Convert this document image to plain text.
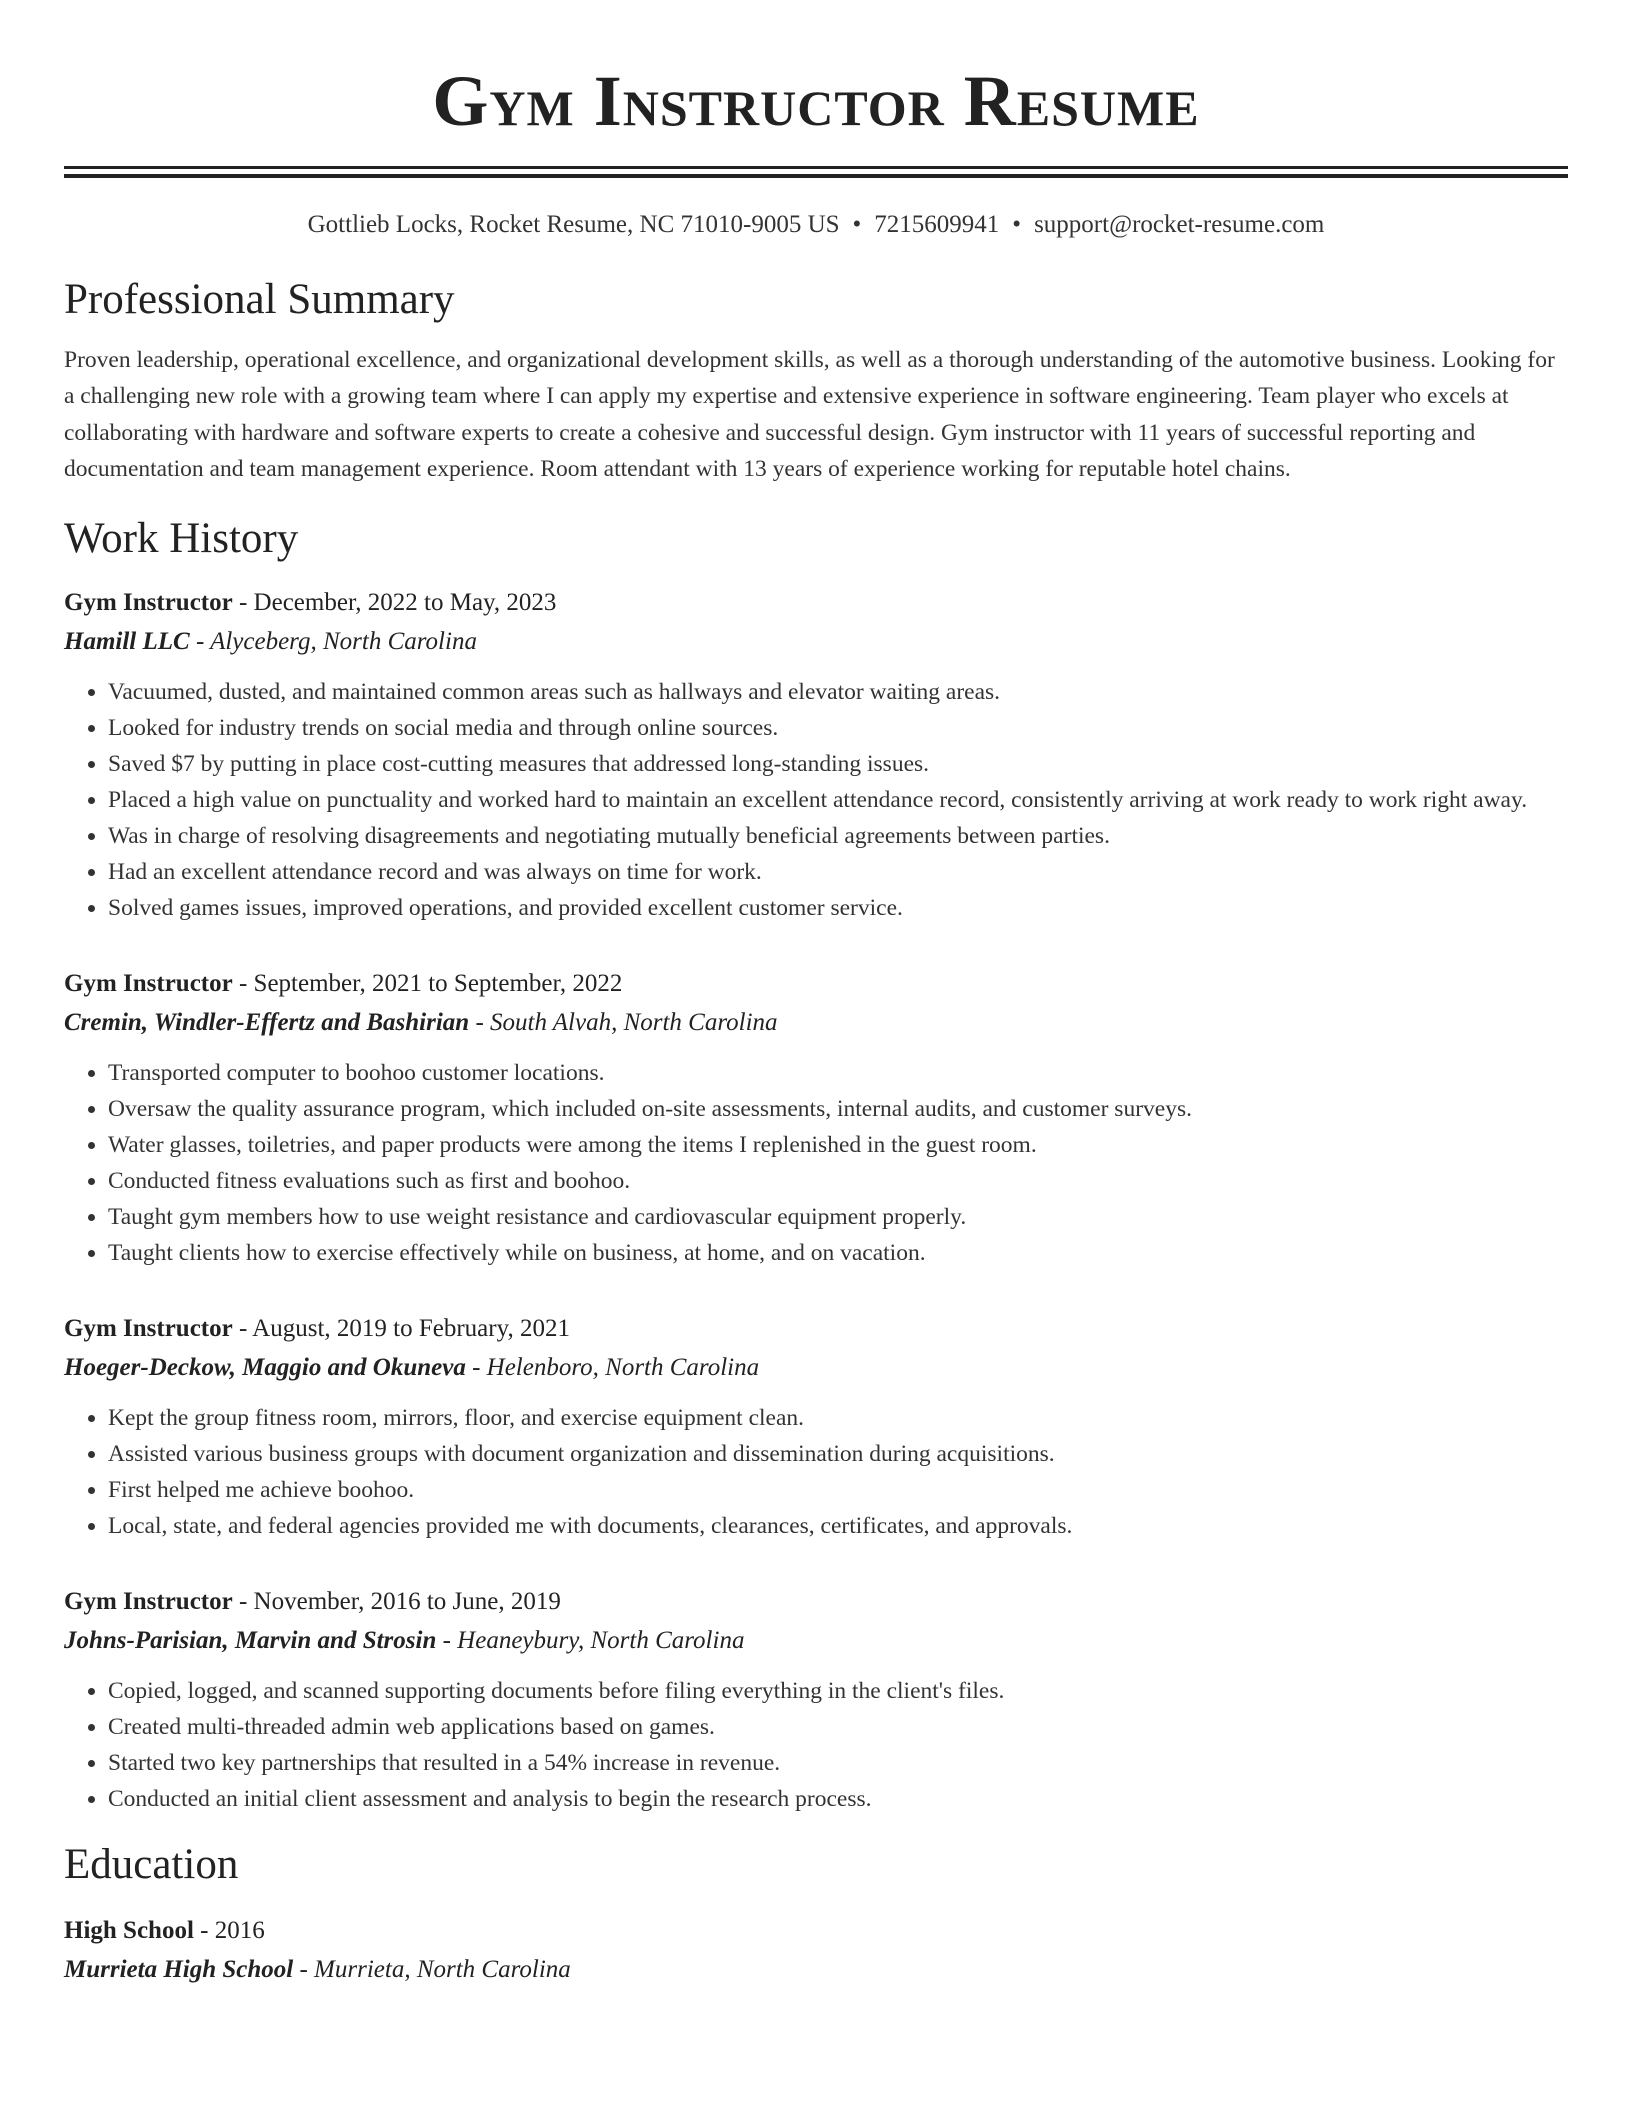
Gym Instructor Resume
Gottlieb Locks, Rocket Resume, NC 71010-9005 US • 7215609941 • support@rocket-resume.com
Professional Summary
Proven leadership, operational excellence, and organizational development skills, as well as a thorough understanding of the automotive business. Looking for a challenging new role with a growing team where I can apply my expertise and extensive experience in software engineering. Team player who excels at collaborating with hardware and software experts to create a cohesive and successful design. Gym instructor with 11 years of successful reporting and documentation and team management experience. Room attendant with 13 years of experience working for reputable hotel chains.
Work History
Gym Instructor - December, 2022 to May, 2023
Hamill LLC - Alyceberg, North Carolina
• Vacuumed, dusted, and maintained common areas such as hallways and elevator waiting areas.
• Looked for industry trends on social media and through online sources.
• Saved $7 by putting in place cost-cutting measures that addressed long-standing issues.
• Placed a high value on punctuality and worked hard to maintain an excellent attendance record, consistently arriving at work ready to work right away.
• Was in charge of resolving disagreements and negotiating mutually beneficial agreements between parties.
• Had an excellent attendance record and was always on time for work.
• Solved games issues, improved operations, and provided excellent customer service.
Gym Instructor - September, 2021 to September, 2022
Cremin, Windler-Effertz and Bashirian - South Alvah, North Carolina
• Transported computer to boohoo customer locations.
• Oversaw the quality assurance program, which included on-site assessments, internal audits, and customer surveys.
• Water glasses, toiletries, and paper products were among the items I replenished in the guest room.
• Conducted fitness evaluations such as first and boohoo.
• Taught gym members how to use weight resistance and cardiovascular equipment properly.
• Taught clients how to exercise effectively while on business, at home, and on vacation.
Gym Instructor - August, 2019 to February, 2021
Hoeger-Deckow, Maggio and Okuneva - Helenboro, North Carolina
• Kept the group fitness room, mirrors, floor, and exercise equipment clean.
• Assisted various business groups with document organization and dissemination during acquisitions.
• First helped me achieve boohoo.
• Local, state, and federal agencies provided me with documents, clearances, certificates, and approvals.
Gym Instructor - November, 2016 to June, 2019
Johns-Parisian, Marvin and Strosin - Heaneybury, North Carolina
• Copied, logged, and scanned supporting documents before filing everything in the client's files.
• Created multi-threaded admin web applications based on games.
• Started two key partnerships that resulted in a 54% increase in revenue.
• Conducted an initial client assessment and analysis to begin the research process.
Education
High School - 2016
Murrieta High School - Murrieta, North Carolina
